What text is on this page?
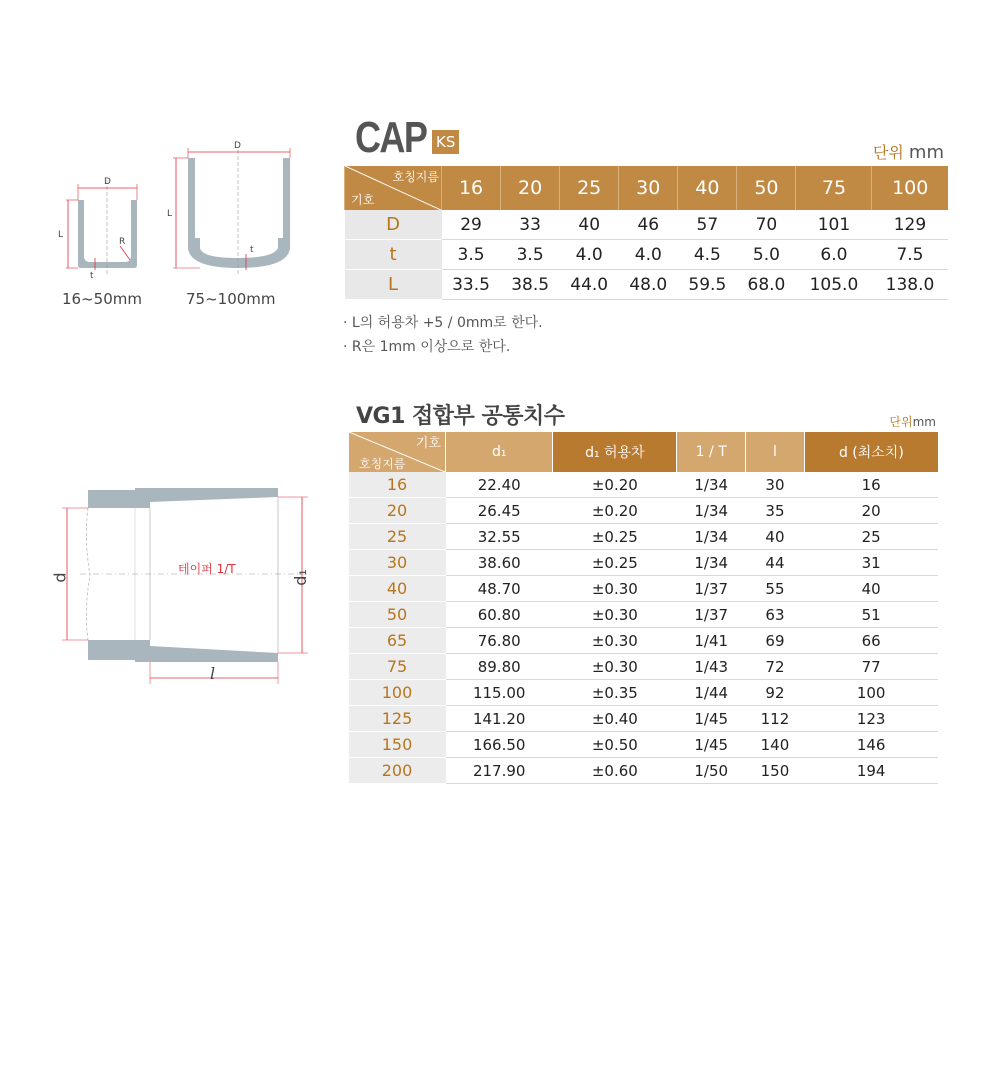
D
L
R
t
16~50mm
D
L
t
75~100mm
CAP KS
단위 mm
호칭지름
기호	16	20	25	30	40	50	75	100
D	29	33	40	46	57	70	101	129
t	3.5	3.5	4.0	4.0	4.5	5.0	6.0	7.5
L	33.5	38.5	44.0	48.0	59.5	68.0	105.0	138.0
· L의 허용차 +5 / 0mm로 한다.
· R은 1mm 이상으로 한다.
테이퍼 1/T
d	d₁
l
VG1 접합부 공통치수	단위mm
기호
호칭지름	d₁	d₁ 허용차	1 / T	l	d (최소치)
16	22.40	±0.20	1/34	30	16
20	26.45	±0.20	1/34	35	20
25	32.55	±0.25	1/34	40	25
30	38.60	±0.25	1/34	44	31
40	48.70	±0.30	1/37	55	40
50	60.80	±0.30	1/37	63	51
65	76.80	±0.30	1/41	69	66
75	89.80	±0.30	1/43	72	77
100	115.00	±0.35	1/44	92	100
125	141.20	±0.40	1/45	112	123
150	166.50	±0.50	1/45	140	146
200	217.90	±0.60	1/50	150	194
